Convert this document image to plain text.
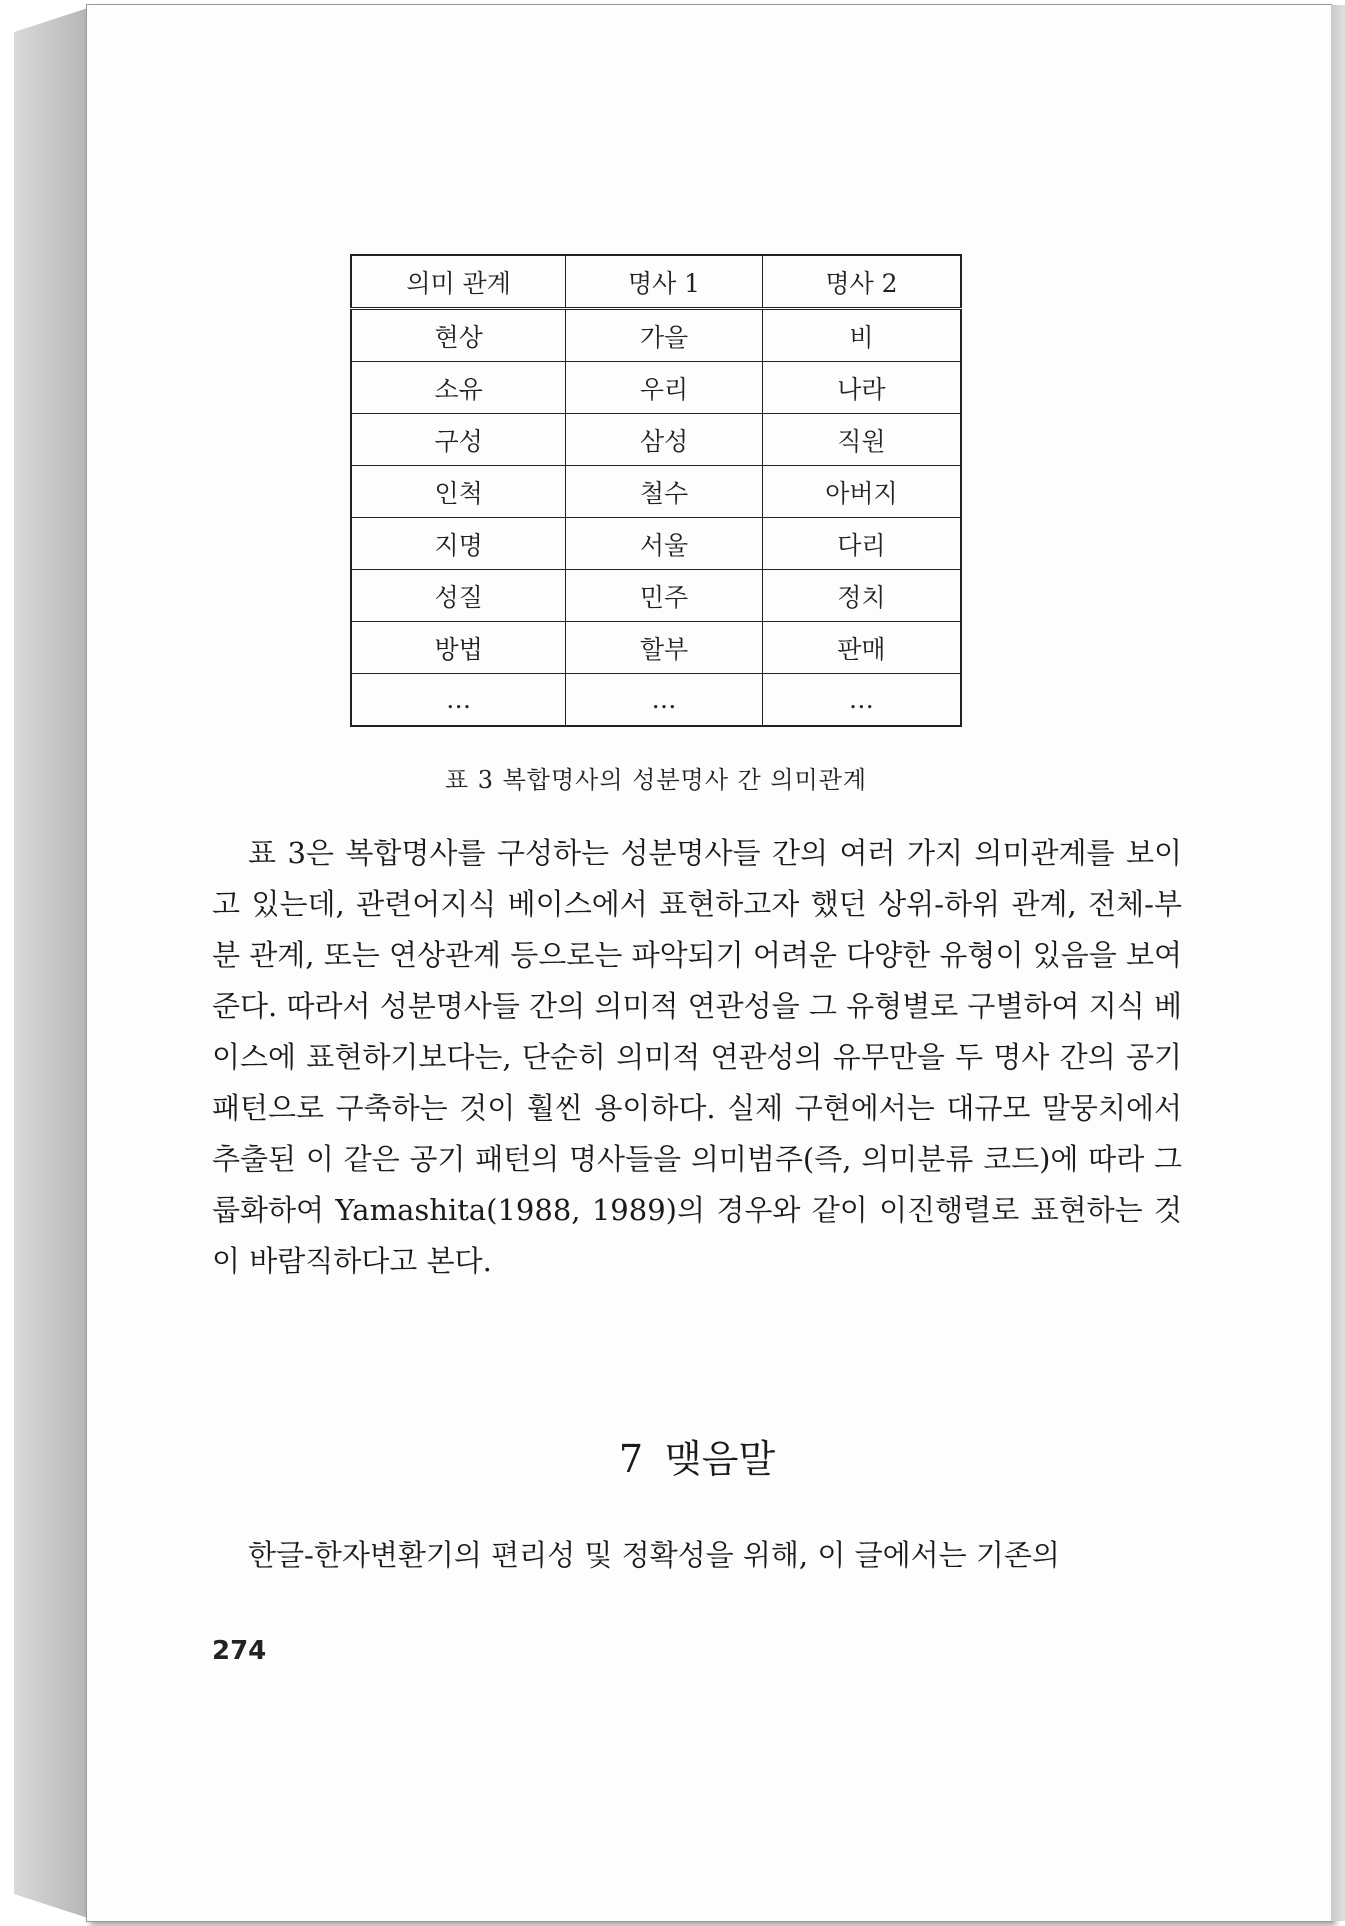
의미 관계	명사 1	명사 2
현상	가을	비
소유	우리	나라
구성	삼성	직원
인척	철수	아버지
지명	서울	다리
성질	민주	정치
방법	할부	판매
…	…	…
표 3 복합명사의 성분명사 간 의미관계

표 3은 복합명사를 구성하는 성분명사들 간의 여러 가지 의미관계를 보이고 있는데, 관련어지식 베이스에서 표현하고자 했던 상위-하위 관계, 전체-부분 관계, 또는 연상관계 등으로는 파악되기 어려운 다양한 유형이 있음을 보여준다. 따라서 성분명사들 간의 의미적 연관성을 그 유형별로 구별하여 지식 베이스에 표현하기보다는, 단순히 의미적 연관성의 유무만을 두 명사 간의 공기 패턴으로 구축하는 것이 훨씬 용이하다. 실제 구현에서는 대규모 말뭉치에서 추출된 이 같은 공기 패턴의 명사들을 의미범주(즉, 의미분류 코드)에 따라 그룹화하여 Yamashita(1988, 1989)의 경우와 같이 이진행렬로 표현하는 것이 바람직하다고 본다.

7 맺음말

한글-한자변환기의 편리성 및 정확성을 위해, 이 글에서는 기존의

274
